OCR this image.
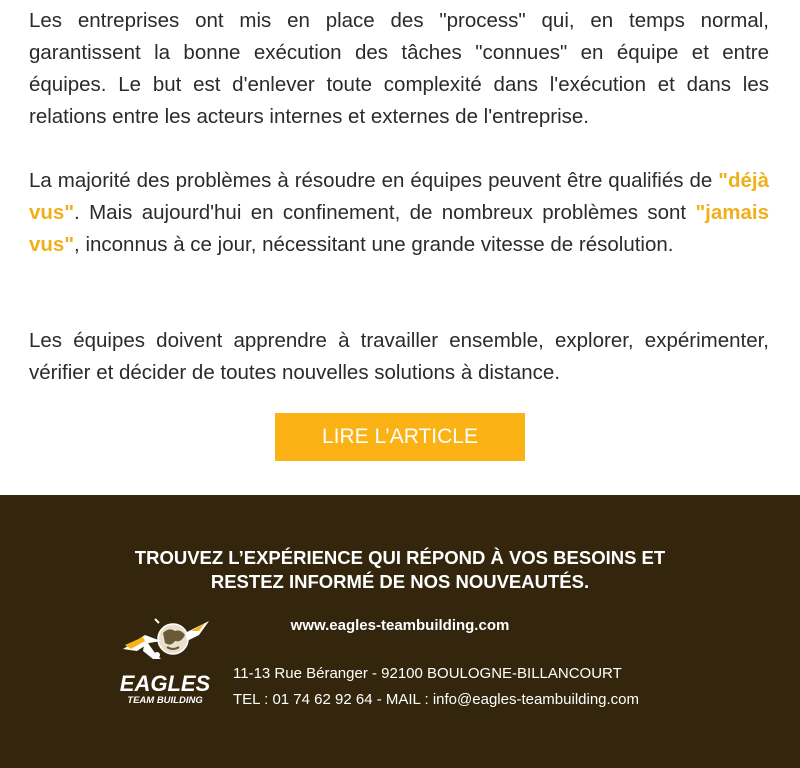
Les entreprises ont mis en place des "process" qui, en temps normal, garantissent la bonne exécution des tâches "connues" en équipe et entre équipes. Le but est d'enlever toute complexité dans l'exécution et dans les relations entre les acteurs internes et externes de l'entreprise.

La majorité des problèmes à résoudre en équipes peuvent être qualifiés de "déjà vus". Mais aujourd'hui en confinement, de nombreux problèmes sont "jamais vus", inconnus à ce jour, nécessitant une grande vitesse de résolution.

Les équipes doivent apprendre à travailler ensemble, explorer, expérimenter, vérifier et décider de toutes nouvelles solutions à distance.

LIRE L’ARTICLE

TROUVEZ L’EXPÉRIENCE QUI RÉPOND À VOS BESOINS ET
RESTEZ INFORMÉ DE NOS NOUVEAUTÉS.

www.eagles-teambuilding.com
EAGLES
TEAM BUILDING
11-13 Rue Béranger - 92100 BOULOGNE-BILLANCOURT
TEL : 01 74 62 92 64 - MAIL : info@eagles-teambuilding.com
